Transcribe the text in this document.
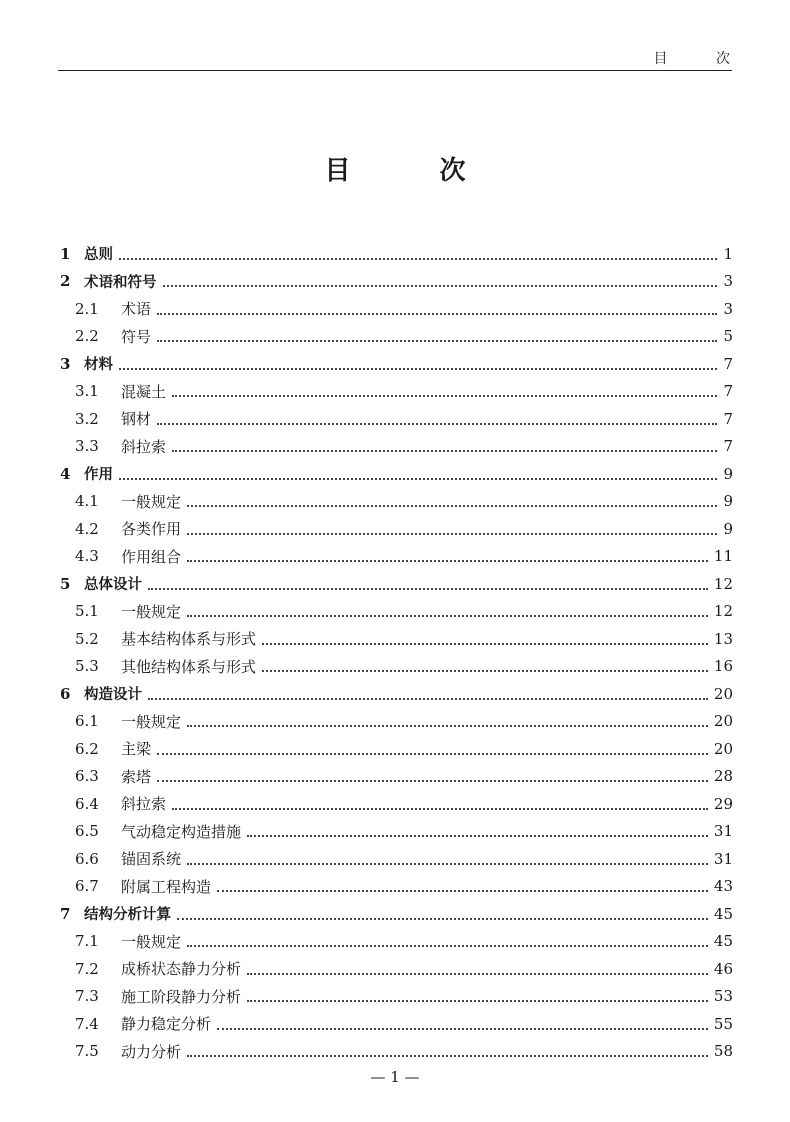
目 次
目 次
1 总则	1
2 术语和符号	3
2.1	术语	3
2.2	符号	5
3 材料	7
3.1	混凝土	7
3.2	钢材	7
3.3	斜拉索	7
4 作用	9
4.1	一般规定	9
4.2	各类作用	9
4.3	作用组合	11
5 总体设计	12
5.1	一般规定	12
5.2	基本结构体系与形式	13
5.3	其他结构体系与形式	16
6 构造设计	20
6.1	一般规定	20
6.2	主梁	20
6.3	索塔	28
6.4	斜拉索	29
6.5	气动稳定构造措施	31
6.6	锚固系统	31
6.7	附属工程构造	43
7 结构分析计算	45
7.1	一般规定	45
7.2	成桥状态静力分析	46
7.3	施工阶段静力分析	53
7.4	静力稳定分析	55
7.5	动力分析	58
— 1 —
